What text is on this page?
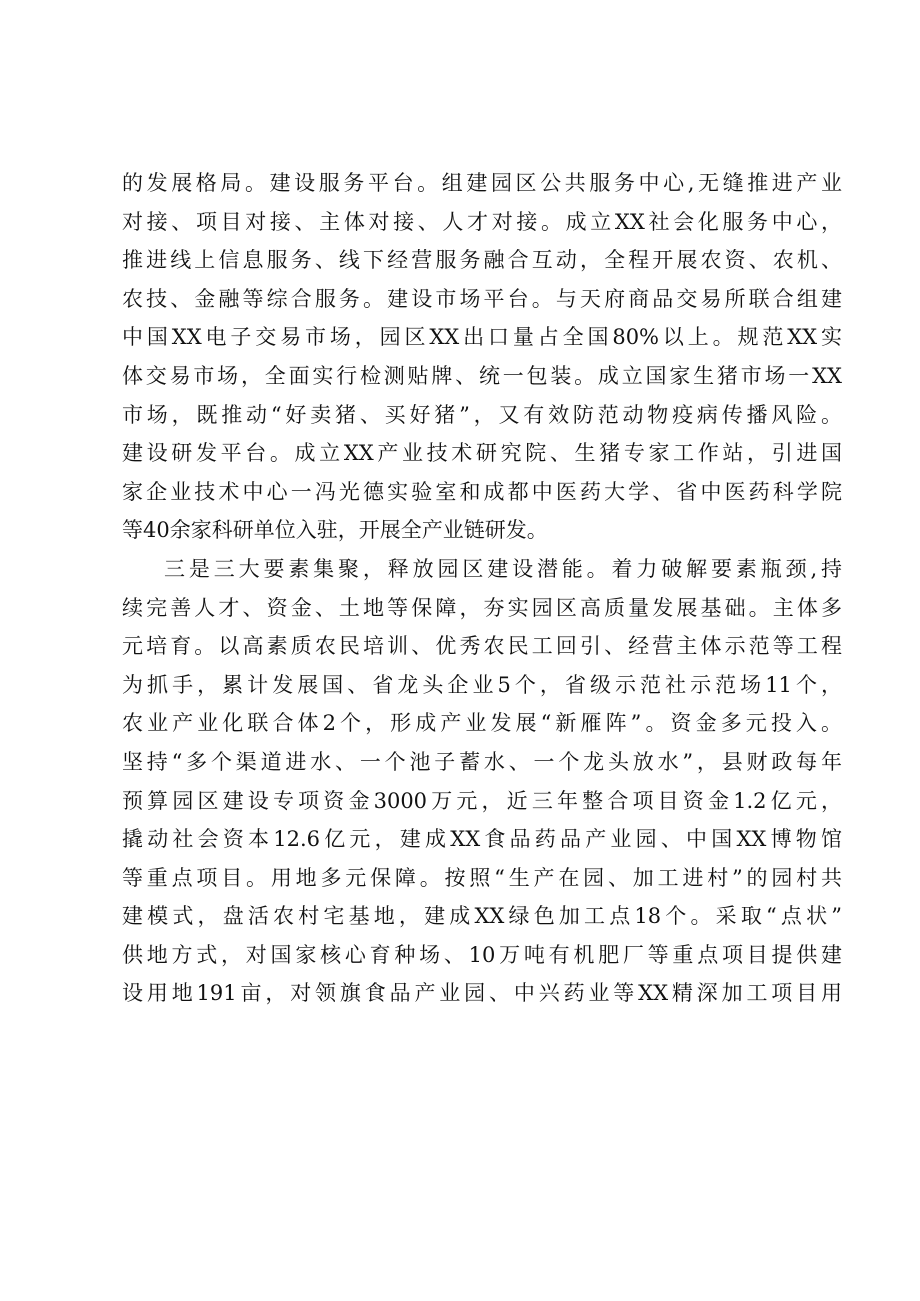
的发展格局。建设服务平台。组建园区公共服务中心,无缝推进产业
对接、项目对接、主体对接、人才对接。成立XX社会化服务中心，
推进线上信息服务、线下经营服务融合互动，全程开展农资、农机、
农技、金融等综合服务。建设市场平台。与天府商品交易所联合组建
中国XX电子交易市场，园区XX出口量占全国80%以上。规范XX实
体交易市场，全面实行检测贴牌、统一包装。成立国家生猪市场一XX
市场，既推动“好卖猪、买好猪”，又有效防范动物疫病传播风险。
建设研发平台。成立XX产业技术研究院、生猪专家工作站，引进国
家企业技术中心一冯光德实验室和成都中医药大学、省中医药科学院
等40余家科研单位入驻，开展全产业链研发。
三是三大要素集聚，释放园区建设潜能。着力破解要素瓶颈,持
续完善人才、资金、土地等保障，夯实园区高质量发展基础。主体多
元培育。以高素质农民培训、优秀农民工回引、经营主体示范等工程
为抓手，累计发展国、省龙头企业5个，省级示范社示范场11个，
农业产业化联合体2个，形成产业发展“新雁阵”。资金多元投入。
坚持“多个渠道进水、一个池子蓄水、一个龙头放水”，县财政每年
预算园区建设专项资金3000万元，近三年整合项目资金1.2亿元，
撬动社会资本12.6亿元，建成XX食品药品产业园、中国XX博物馆
等重点项目。用地多元保障。按照“生产在园、加工进村”的园村共
建模式，盘活农村宅基地，建成XX绿色加工点18个。采取“点状”
供地方式，对国家核心育种场、10万吨有机肥厂等重点项目提供建
设用地191亩，对领旗食品产业园、中兴药业等XX精深加工项目用
